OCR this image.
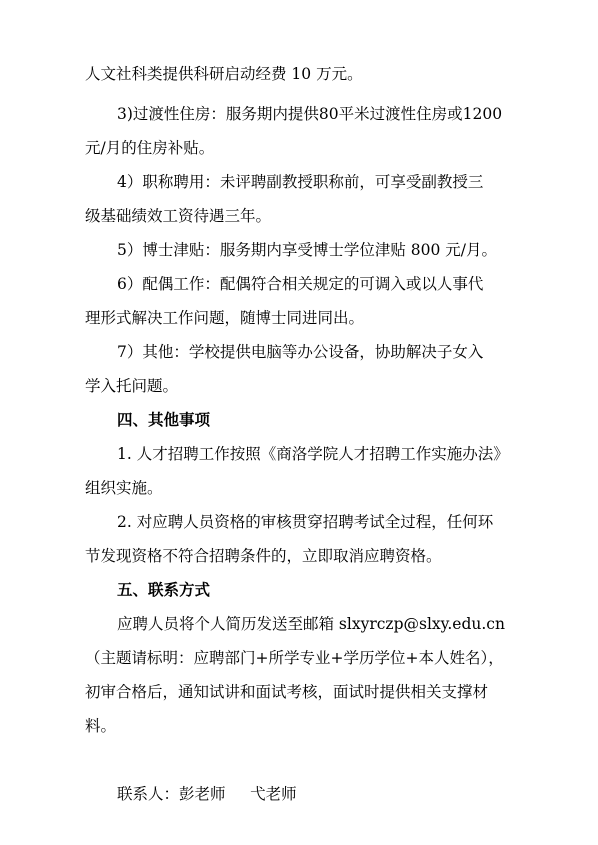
人文社科类提供科研启动经费 10 万元。
3)过渡性住房：服务期内提供80平米过渡性住房或1200
元/月的住房补贴。
4）职称聘用：未评聘副教授职称前，可享受副教授三
级基础绩效工资待遇三年。
5）博士津贴：服务期内享受博士学位津贴 800 元/月。
6）配偶工作：配偶符合相关规定的可调入或以人事代
理形式解决工作问题，随博士同进同出。
7）其他：学校提供电脑等办公设备，协助解决子女入
学入托问题。
四、其他事项
1. 人才招聘工作按照《商洛学院人才招聘工作实施办法》
组织实施。
2. 对应聘人员资格的审核贯穿招聘考试全过程，任何环
节发现资格不符合招聘条件的，立即取消应聘资格。
五、联系方式
应聘人员将个人简历发送至邮箱 slxyrczp@slxy.edu.cn
（主题请标明：应聘部门+所学专业+学历学位+本人姓名），
初审合格后，通知试讲和面试考核，面试时提供相关支撑材
料。
联系人：彭老师     弋老师
